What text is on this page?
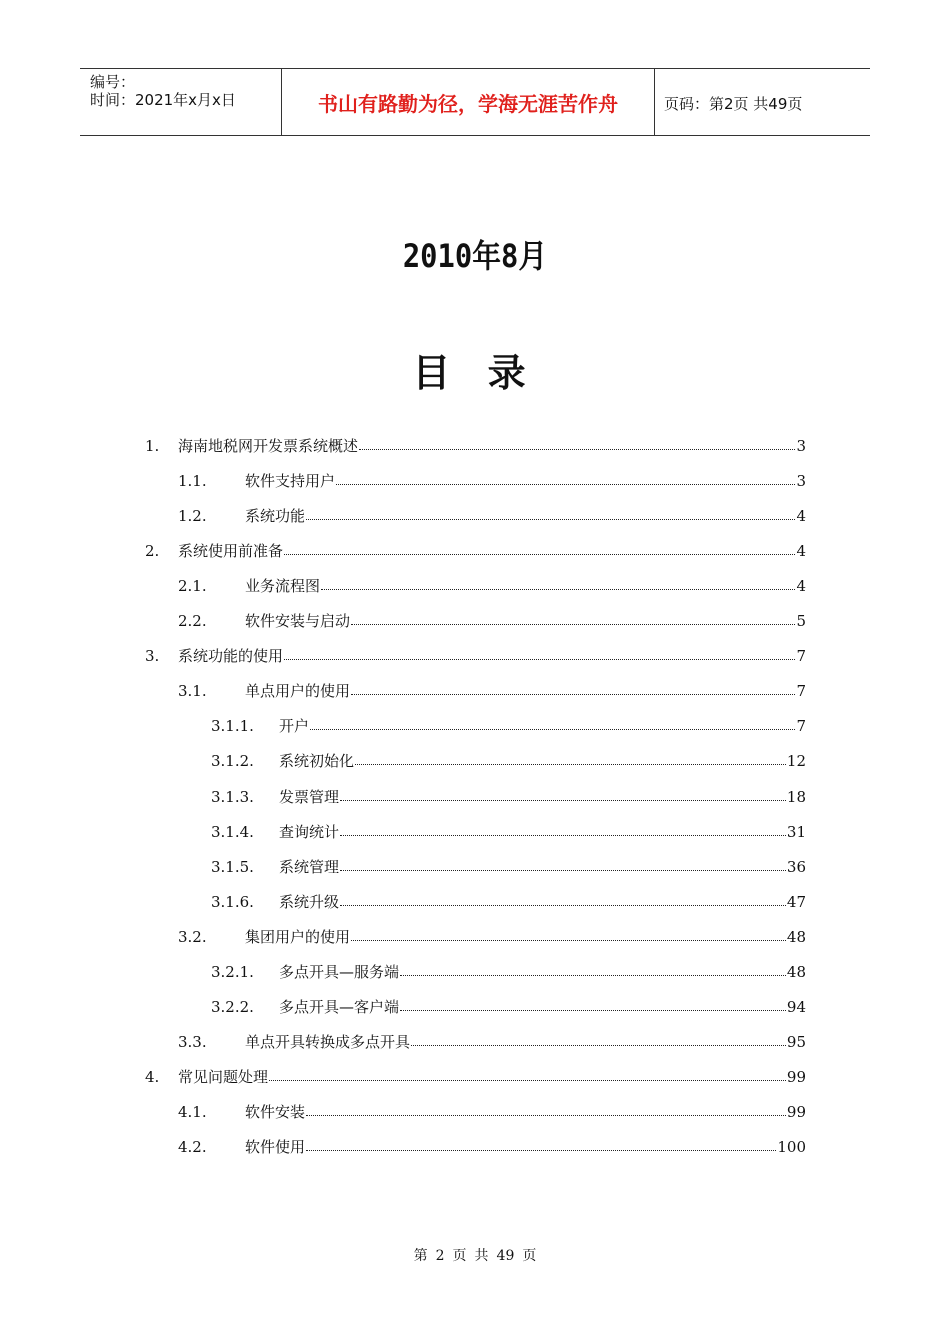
编号：
时间：2021年x月x日	书山有路勤为径，学海无涯苦作舟	页码：第2页 共49页
2010年8月
目 录
1.	海南地税网开发票系统概述	3
1.1.	软件支持用户	3
1.2.	系统功能	4
2.	系统使用前准备	4
2.1.	业务流程图	4
2.2.	软件安装与启动	5
3.	系统功能的使用	7
3.1.	单点用户的使用	7
3.1.1.	开户	7
3.1.2.	系统初始化	12
3.1.3.	发票管理	18
3.1.4.	查询统计	31
3.1.5.	系统管理	36
3.1.6.	系统升级	47
3.2.	集团用户的使用	48
3.2.1.	多点开具—服务端	48
3.2.2.	多点开具—客户端	94
3.3.	单点开具转换成多点开具	95
4.	常见问题处理	99
4.1.	软件安装	99
4.2.	软件使用	100
第 2 页 共 49 页
